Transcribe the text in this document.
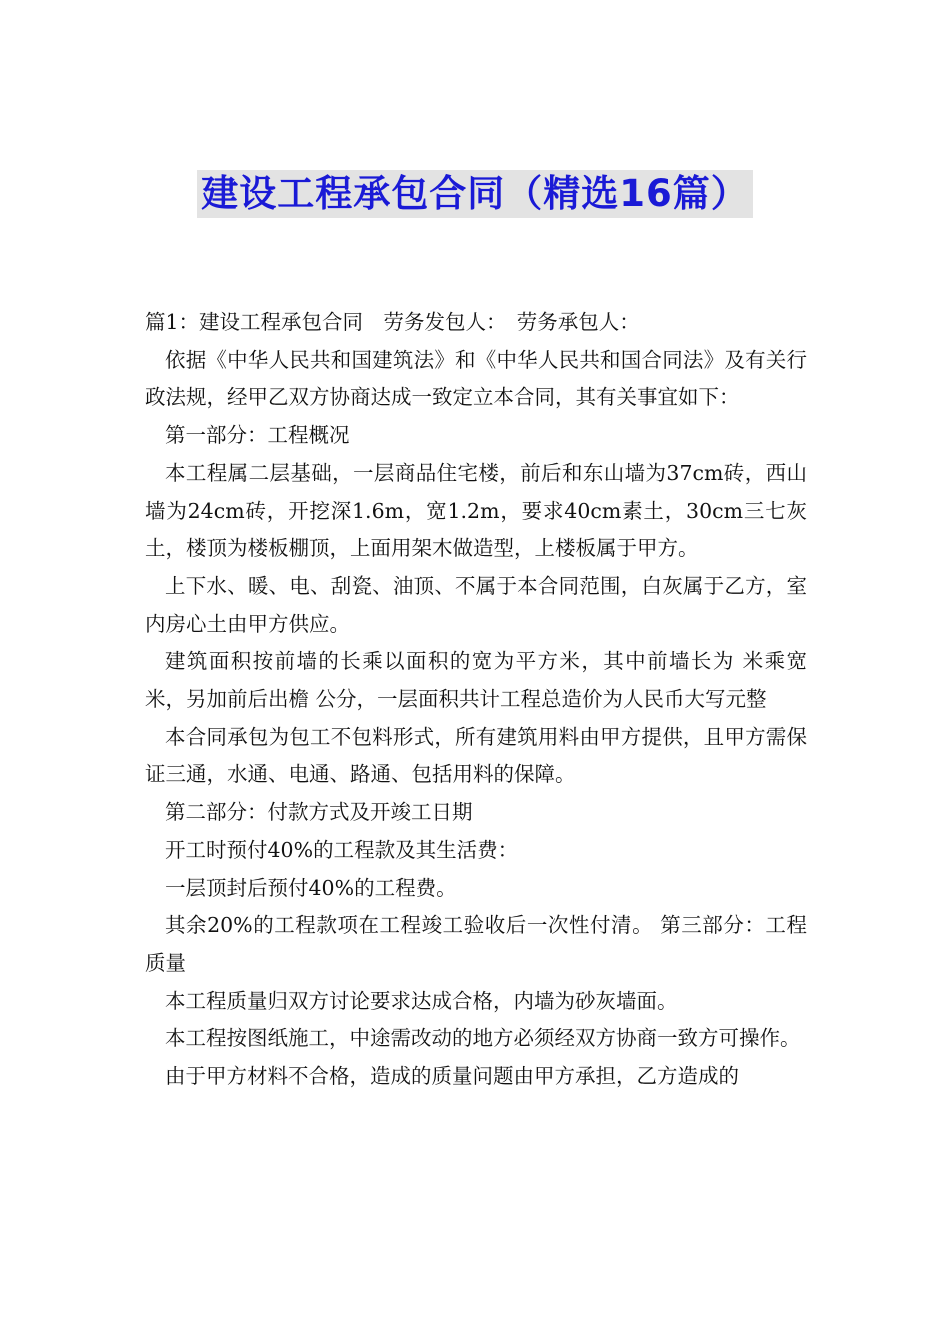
建设工程承包合同（精选16篇）

篇1：建设工程承包合同　劳务发包人：　劳务承包人：

依据《中华人民共和国建筑法》和《中华人民共和国合同法》及有关行政法规，经甲乙双方协商达成一致定立本合同，其有关事宜如下：

第一部分：工程概况

本工程属二层基础，一层商品住宅楼，前后和东山墙为37cm砖，西山墙为24cm砖，开挖深1.6m，宽1.2m，要求40cm素土，30cm三七灰土，楼顶为楼板棚顶，上面用架木做造型，上楼板属于甲方。

上下水、暖、电、刮瓷、油顶、不属于本合同范围，白灰属于乙方，室内房心土由甲方供应。

建筑面积按前墙的长乘以面积的宽为平方米，其中前墙长为 米乘宽 米，另加前后出檐 公分，一层面积共计工程总造价为人民币大写元整

本合同承包为包工不包料形式，所有建筑用料由甲方提供，且甲方需保证三通，水通、电通、路通、包括用料的保障。

第二部分：付款方式及开竣工日期

开工时预付40%的工程款及其生活费：

一层顶封后预付40%的工程费。

其余20%的工程款项在工程竣工验收后一次性付清。 第三部分：工程质量

本工程质量归双方讨论要求达成合格，内墙为砂灰墙面。

本工程按图纸施工，中途需改动的地方必须经双方协商一致方可操作。

由于甲方材料不合格，造成的质量问题由甲方承担，乙方造成的
